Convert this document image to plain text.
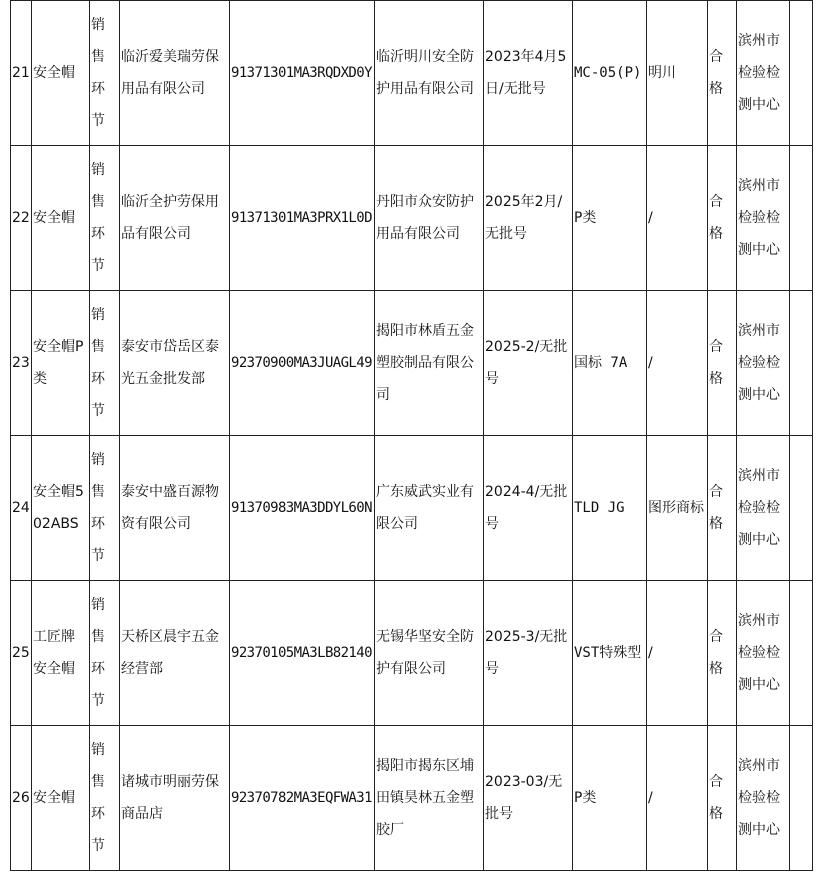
21	安全帽	销售环节	临沂爱美瑞劳保用品有限公司	91371301MA3RQDXD0Y	临沂明川安全防护用品有限公司	2023年4月5日/无批号	MC-05(P)	明川	合格	滨州市检验检测中心	
22	安全帽	销售环节	临沂全护劳保用品有限公司	91371301MA3PRX1L0D	丹阳市众安防护用品有限公司	2025年2月/无批号	P类	/	合格	滨州市检验检测中心	
23	安全帽P类	销售环节	泰安市岱岳区泰光五金批发部	92370900MA3JUAGL49	揭阳市林盾五金塑胶制品有限公司	2025-2/无批号	国标 7A	/	合格	滨州市检验检测中心	
24	安全帽502ABS	销售环节	泰安中盛百源物资有限公司	91370983MA3DDYL60N	广东威武实业有限公司	2024-4/无批号	TLD JG	图形商标	合格	滨州市检验检测中心	
25	工匠牌安全帽	销售环节	天桥区晨宇五金经营部	92370105MA3LB82140	无锡华坚安全防护有限公司	2025-3/无批号	VST特殊型	/	合格	滨州市检验检测中心	
26	安全帽	销售环节	诸城市明丽劳保商品店	92370782MA3EQFWA31	揭阳市揭东区埔田镇昊林五金塑胶厂	2023-03/无批号	P类	/	合格	滨州市检验检测中心	
